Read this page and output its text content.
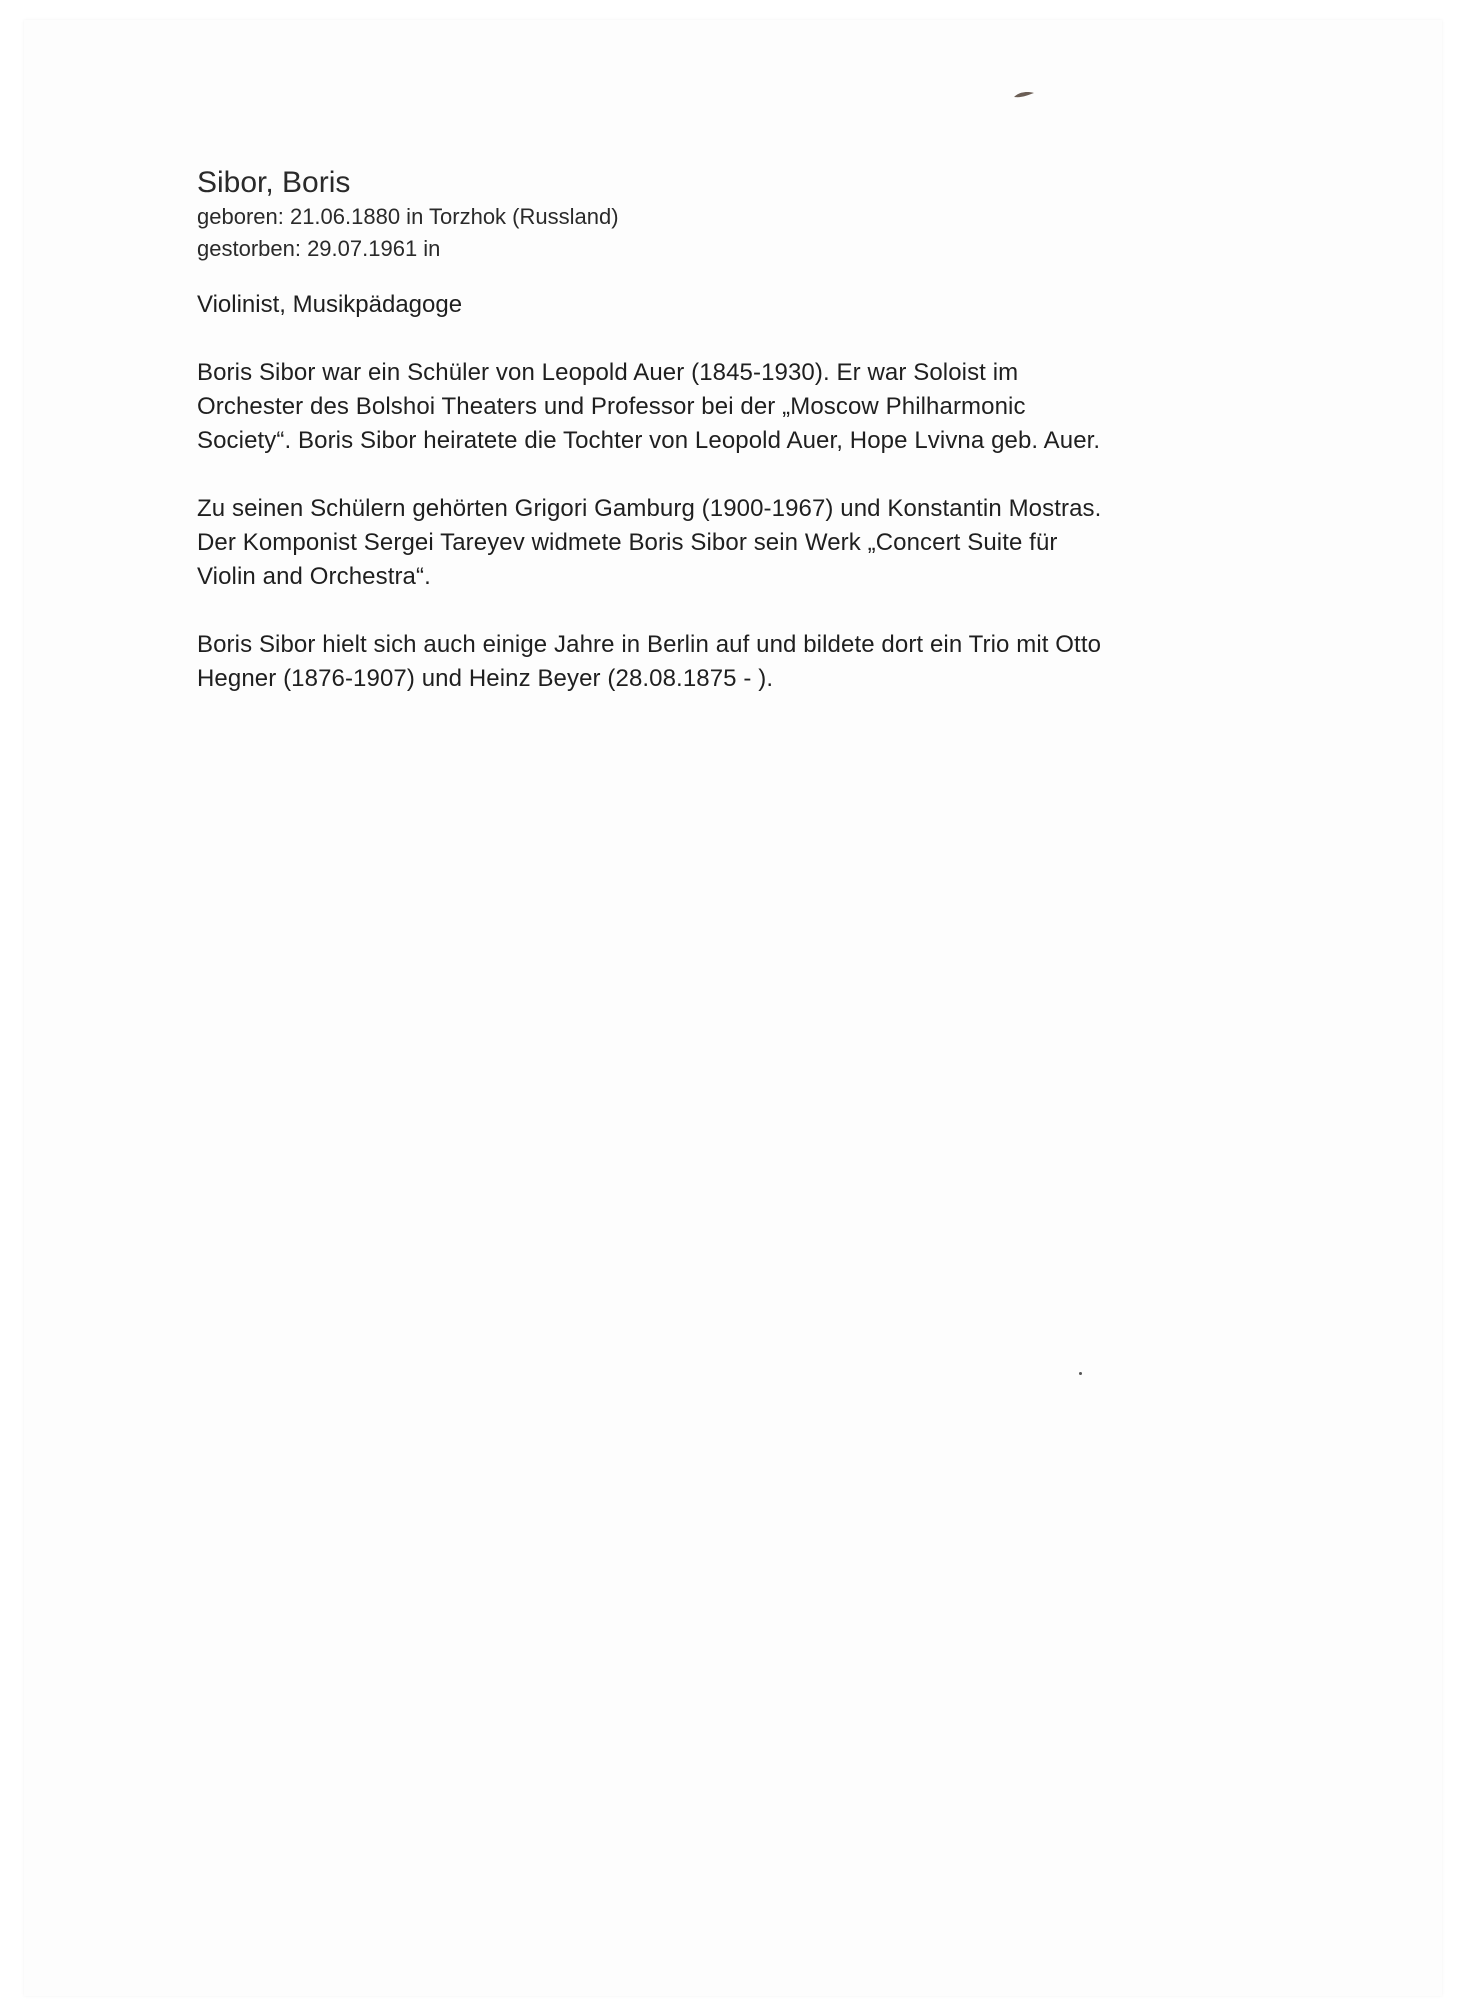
Sibor, Boris
geboren: 21.06.1880 in Torzhok (Russland)
gestorben: 29.07.1961 in
Violinist, Musikpädagoge
Boris Sibor war ein Schüler von Leopold Auer (1845-1930). Er war Soloist im
Orchester des Bolshoi Theaters und Professor bei der „Moscow Philharmonic
Society“. Boris Sibor heiratete die Tochter von Leopold Auer, Hope Lvivna geb. Auer.
Zu seinen Schülern gehörten Grigori Gamburg (1900-1967) und Konstantin Mostras.
Der Komponist Sergei Tareyev widmete Boris Sibor sein Werk „Concert Suite für
Violin and Orchestra“.
Boris Sibor hielt sich auch einige Jahre in Berlin auf und bildete dort ein Trio mit Otto
Hegner (1876-1907) und Heinz Beyer (28.08.1875 - ).
